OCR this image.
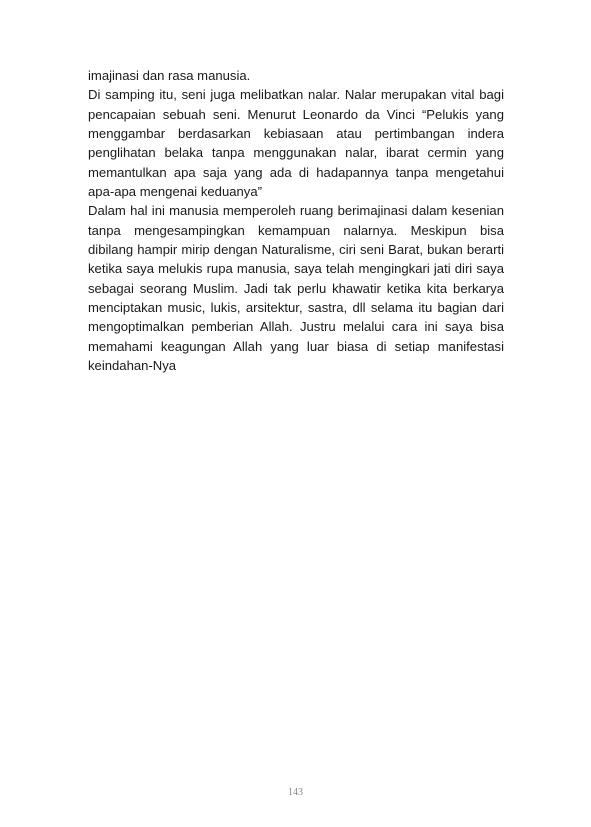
imajinasi dan rasa manusia.

Di samping itu, seni juga melibatkan nalar. Nalar merupakan vital bagi pencapaian sebuah seni. Menurut Leonardo da Vinci “Pelukis yang menggambar berdasarkan kebiasaan atau pertimbangan indera penglihatan belaka tanpa menggunakan nalar, ibarat cermin yang memantulkan apa saja yang ada di hadapannya tanpa mengetahui apa-apa mengenai keduanya”

Dalam hal ini manusia memperoleh ruang berimajinasi dalam kesenian tanpa mengesampingkan kemampuan nalarnya. Meskipun bisa dibilang hampir mirip dengan Naturalisme, ciri seni Barat, bukan berarti ketika saya melukis rupa manusia, saya telah mengingkari jati diri saya sebagai seorang Muslim. Jadi tak perlu khawatir ketika kita berkarya menciptakan music, lukis, arsitektur, sastra, dll selama itu bagian dari mengoptimalkan pemberian Allah. Justru melalui cara ini saya bisa memahami keagungan Allah yang luar biasa di setiap manifestasi keindahan-Nya

143
